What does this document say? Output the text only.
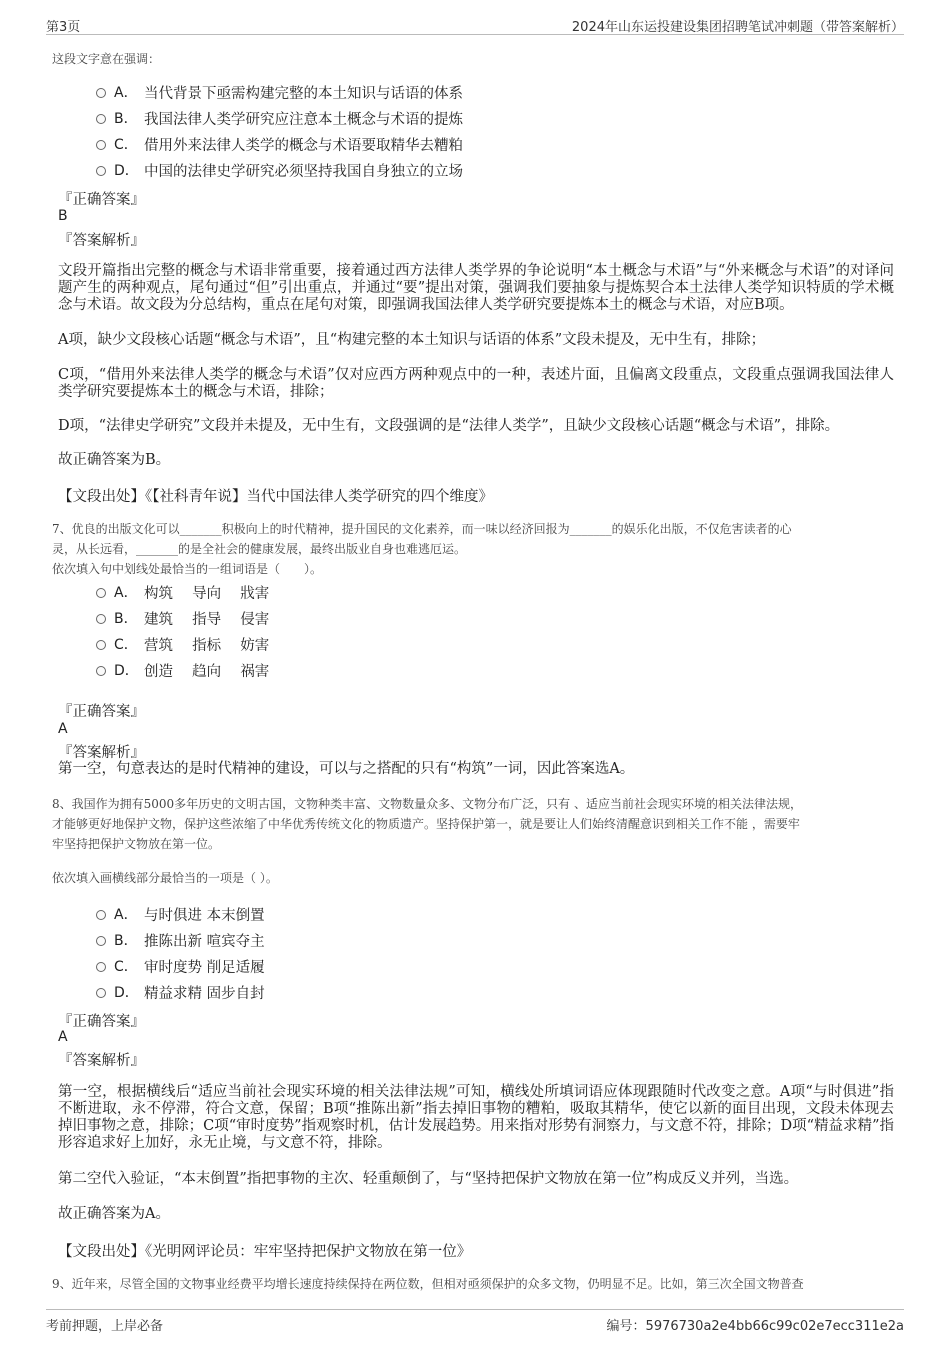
第3页	2024年山东运投建设集团招聘笔试冲刺题（带答案解析）
这段文字意在强调：
A． 当代背景下亟需构建完整的本土知识与话语的体系
B． 我国法律人类学研究应注意本土概念与术语的提炼
C． 借用外来法律人类学的概念与术语要取精华去糟粕
D． 中国的法律史学研究必须坚持我国自身独立的立场
『正确答案』
B
『答案解析』
文段开篇指出完整的概念与术语非常重要，接着通过西方法律人类学界的争论说明“本土概念与术语”与“外来概念与术语”的对译问题产生的两种观点，尾句通过“但”引出重点，并通过“要”提出对策，强调我们要抽象与提炼契合本土法律人类学知识特质的学术概念与术语。故文段为分总结构，重点在尾句对策，即强调我国法律人类学研究要提炼本土的概念与术语，对应B项。
A项，缺少文段核心话题“概念与术语”，且“构建完整的本土知识与话语的体系”文段未提及，无中生有，排除；
C项，“借用外来法律人类学的概念与术语”仅对应西方两种观点中的一种，表述片面，且偏离文段重点，文段重点强调我国法律人类学研究要提炼本土的概念与术语，排除；
D项，“法律史学研究”文段并未提及，无中生有，文段强调的是“法律人类学”，且缺少文段核心话题“概念与术语”，排除。
故正确答案为B。
【文段出处】《【社科青年说】当代中国法律人类学研究的四个维度》
7、优良的出版文化可以_______积极向上的时代精神，提升国民的文化素养，而一味以经济回报为_______的娱乐化出版，不仅危害读者的心
灵，从长远看，_______的是全社会的健康发展，最终出版业自身也难逃厄运。
依次填入句中划线处最恰当的一组词语是（　　）。
A． 构筑　 导向　 戕害
B． 建筑　 指导　 侵害
C． 营筑　 指标　 妨害
D． 创造　 趋向　 祸害
『正确答案』
A
『答案解析』
第一空，句意表达的是时代精神的建设，可以与之搭配的只有“构筑”一词，因此答案选A。
8、我国作为拥有5000多年历史的文明古国，文物种类丰富、文物数量众多、文物分布广泛，只有 、适应当前社会现实环境的相关法律法规，
才能够更好地保护文物，保护这些浓缩了中华优秀传统文化的物质遗产。坚持保护第一，就是要让人们始终清醒意识到相关工作不能 ，需要牢
牢坚持把保护文物放在第一位。
依次填入画横线部分最恰当的一项是（ ）。
A． 与时俱进 本末倒置
B． 推陈出新 喧宾夺主
C． 审时度势 削足适履
D． 精益求精 固步自封
『正确答案』
A
『答案解析』
第一空，根据横线后“适应当前社会现实环境的相关法律法规”可知，横线处所填词语应体现跟随时代改变之意。A项“与时俱进”指不断进取，永不停滞，符合文意，保留；B项“推陈出新”指去掉旧事物的糟粕，吸取其精华，使它以新的面目出现，文段未体现去掉旧事物之意，排除；C项“审时度势”指观察时机，估计发展趋势。用来指对形势有洞察力，与文意不符，排除；D项“精益求精”指形容追求好上加好，永无止境，与文意不符，排除。
第二空代入验证，“本末倒置”指把事物的主次、轻重颠倒了，与“坚持把保护文物放在第一位”构成反义并列，当选。
故正确答案为A。
【文段出处】《光明网评论员：牢牢坚持把保护文物放在第一位》
9、近年来，尽管全国的文物事业经费平均增长速度持续保持在两位数，但相对亟须保护的众多文物，仍明显不足。比如，第三次全国文物普查
考前押题，上岸必备	编号：5976730a2e4bb66c99c02e7ecc311e2a
